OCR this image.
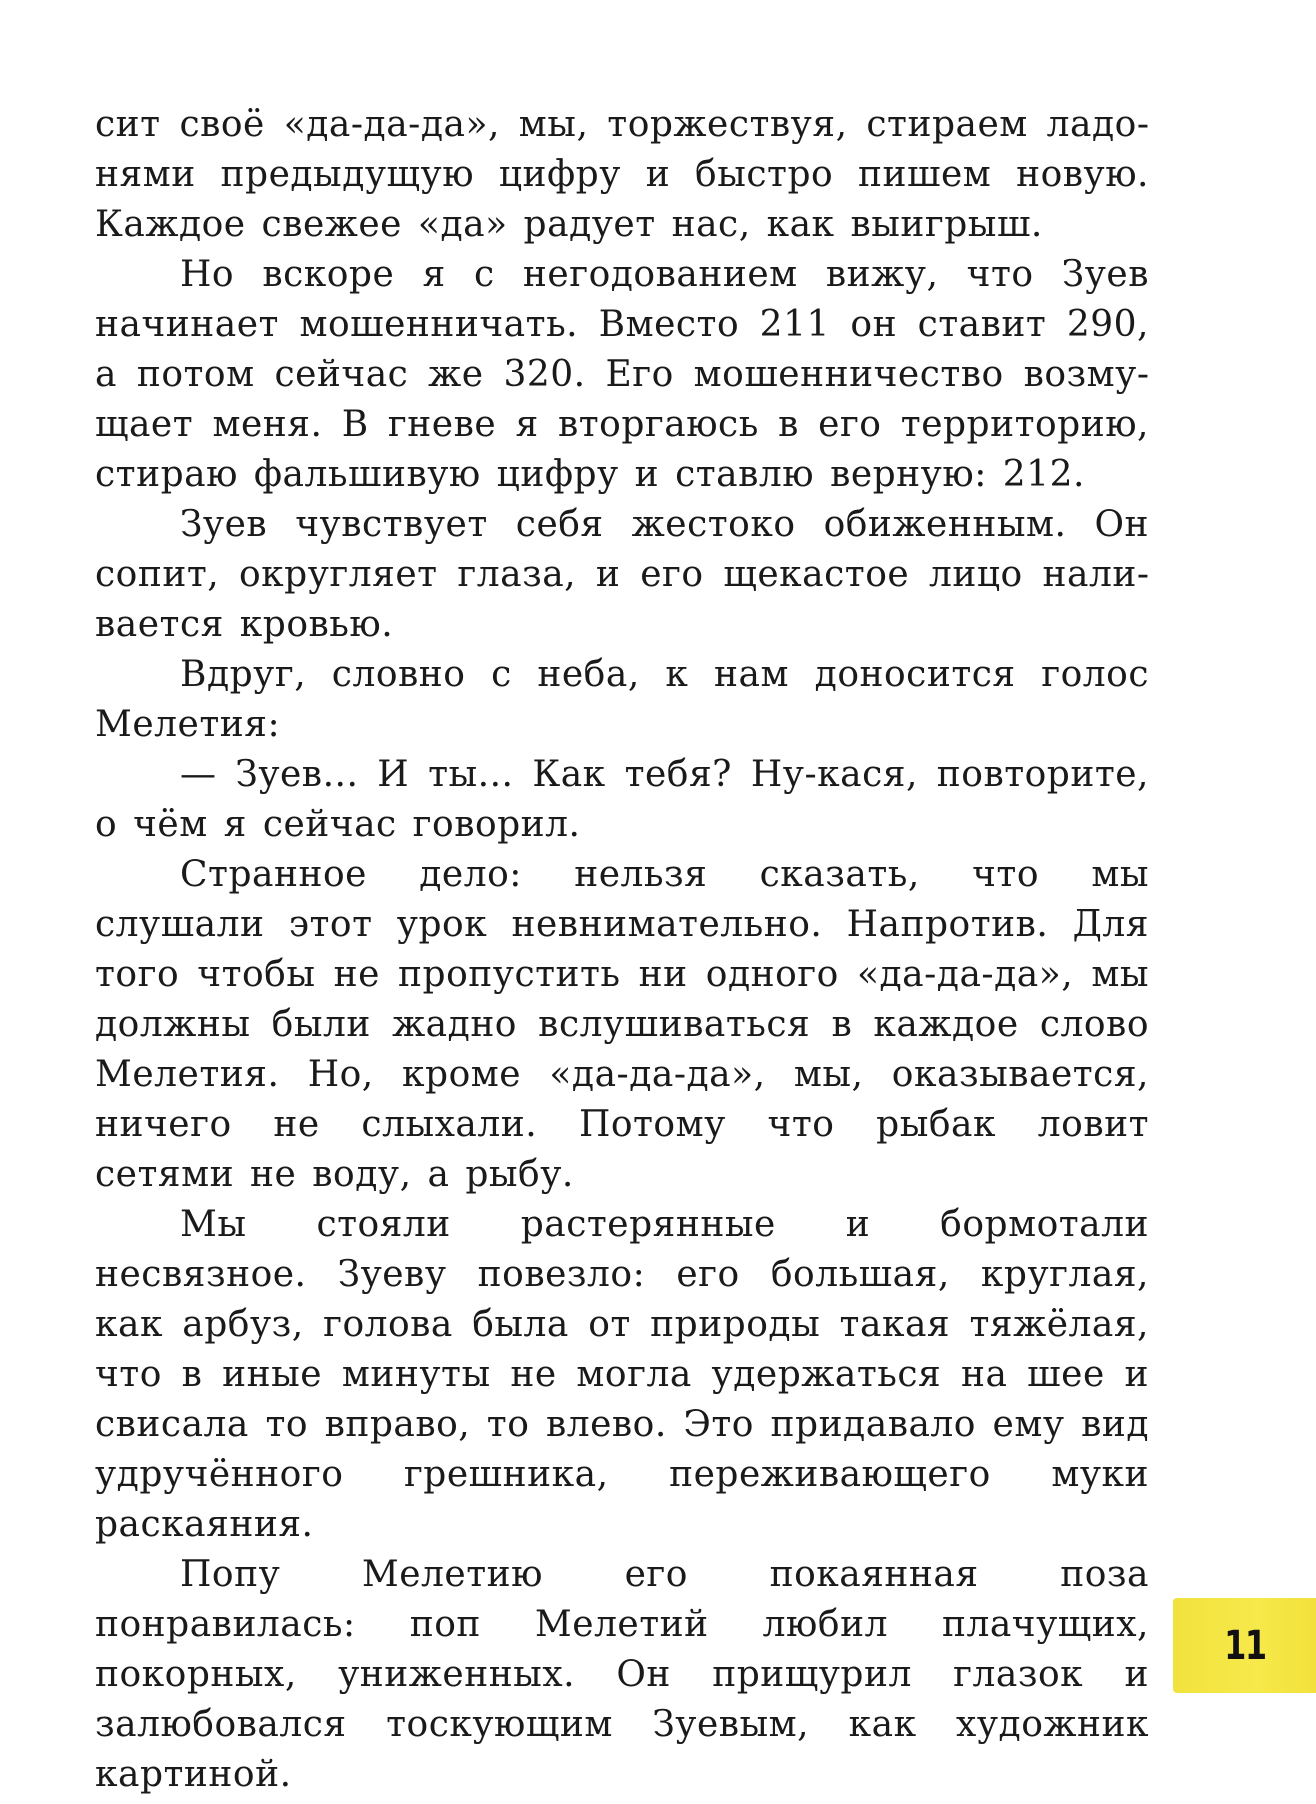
сит своё «да-да-да», мы, торжествуя, стираем ладонями предыдущую цифру и быстро пишем новую. Каждое свежее «да» радует нас, как выигрыш.

Но вскоре я с негодованием вижу, что Зуев начинает мошенничать. Вместо 211 он ставит 290, а потом сейчас же 320. Его мошенничество возмущает меня. В гневе я вторгаюсь в его территорию, стираю фальшивую цифру и ставлю верную: 212.

Зуев чувствует себя жестоко обиженным. Он сопит, округляет глаза, и его щекастое лицо наливается кровью.

Вдруг, словно с неба, к нам доносится голос Мелетия:

— Зуев... И ты... Как тебя? Ну-кася, повторите, о чём я сейчас говорил.

Странное дело: нельзя сказать, что мы слушали этот урок невнимательно. Напротив. Для того чтобы не пропустить ни одного «да-да-да», мы должны были жадно вслушиваться в каждое слово Мелетия. Но, кроме «да-да-да», мы, оказывается, ничего не слыхали. Потому что рыбак ловит сетями не воду, а рыбу.

Мы стояли растерянные и бормотали несвязное. Зуеву повезло: его большая, круглая, как арбуз, голова была от природы такая тяжёлая, что в иные минуты не могла удержаться на шее и свисала то вправо, то влево. Это придавало ему вид удручённого грешника, переживающего муки раскаяния.

Попу Мелетию его покаянная поза понравилась: поп Мелетий любил плачущих, покорных, униженных. Он прищурил глазок и залюбовался тоскующим Зуевым, как художник картиной.

11
